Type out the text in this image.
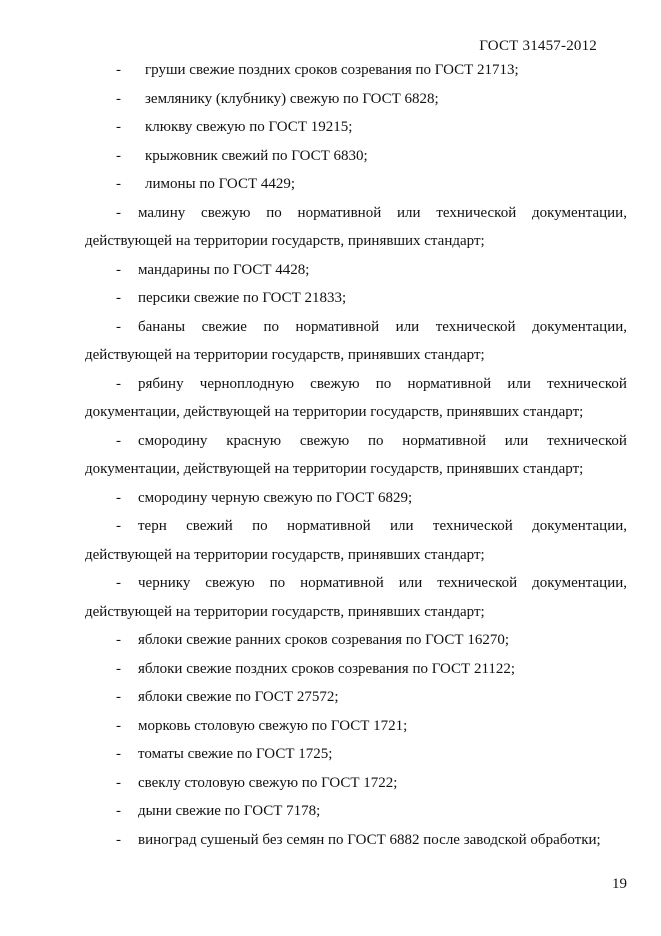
ГОСТ 31457-2012

- груши свежие поздних сроков созревания по ГОСТ 21713;

- землянику (клубнику) свежую по ГОСТ 6828;

- клюкву свежую по ГОСТ 19215;

- крыжовник свежий по ГОСТ 6830;

- лимоны по ГОСТ 4429;

-	малину свежую по нормативной или технической документации,
действующей на территории государств, принявших стандарт;

- мандарины по ГОСТ 4428;

- персики свежие по ГОСТ 21833;

-	бананы свежие по нормативной или технической документации,
действующей на территории государств, принявших стандарт;
-	рябину черноплодную свежую по нормативной или технической
документации, действующей на территории государств, принявших стандарт;
-	смородину красную свежую по нормативной или технической
документации, действующей на территории государств, принявших стандарт;

- смородину черную свежую по ГОСТ 6829;

-	терн свежий по нормативной или технической документации,
действующей на территории государств, принявших стандарт;
-	чернику свежую по нормативной или технической документации,
действующей на территории государств, принявших стандарт;

- яблоки свежие ранних сроков созревания по ГОСТ 16270;

- яблоки свежие поздних сроков созревания по ГОСТ 21122;

- яблоки свежие по ГОСТ 27572;

- морковь столовую свежую по ГОСТ 1721;

- томаты свежие по ГОСТ 1725;

- свеклу столовую свежую по ГОСТ 1722;

- дыни свежие по ГОСТ 7178;

- виноград сушеный без семян по ГОСТ 6882 после заводской обработки;

19
